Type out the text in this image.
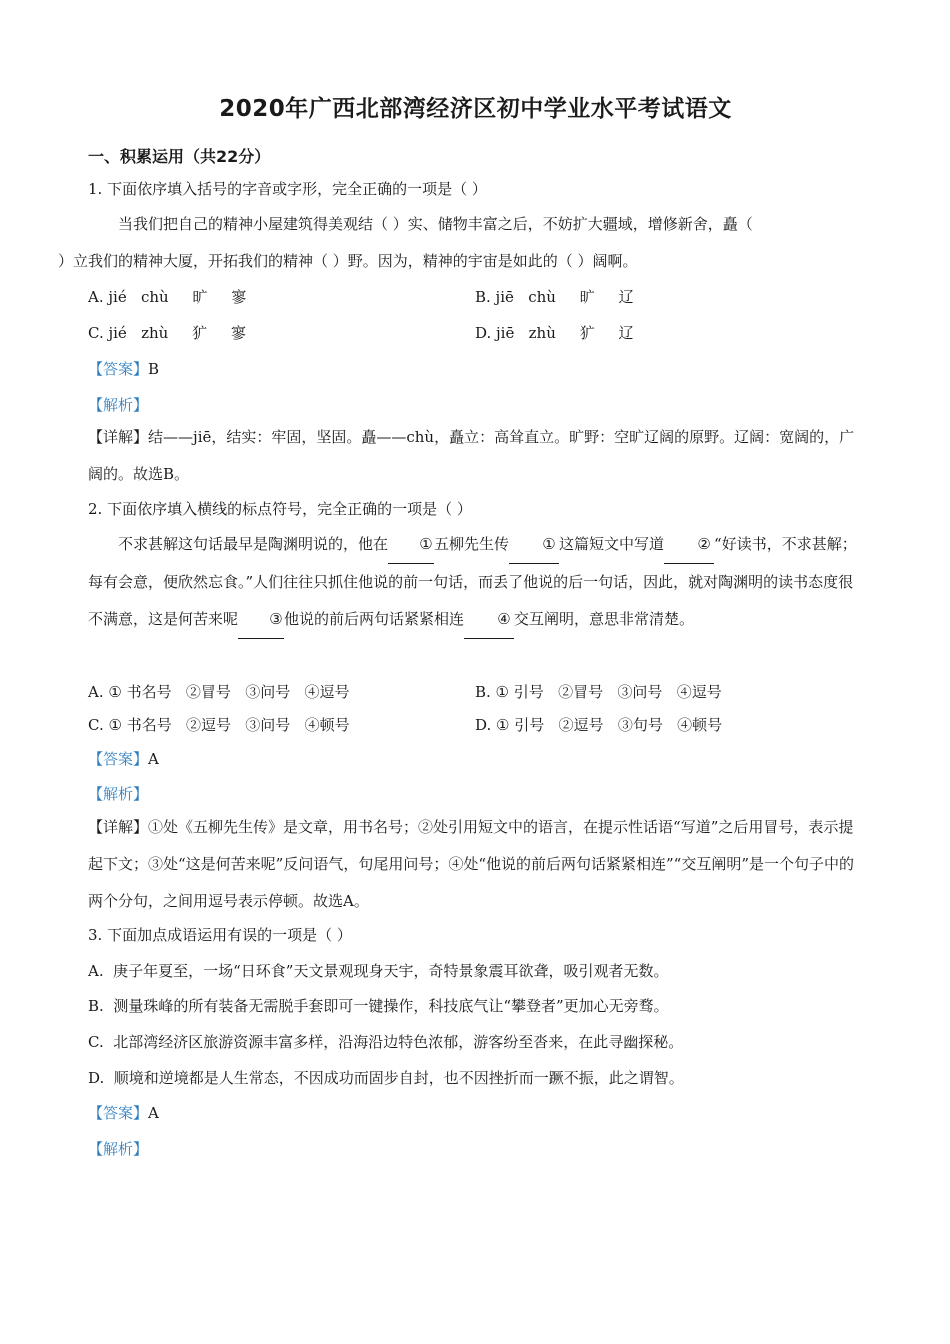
2020年广西北部湾经济区初中学业水平考试语文
一、积累运用（共22分）
1. 下面依序填入括号的字音或字形，完全正确的一项是（ ）
当我们把自己的精神小屋建筑得美观结（ ）实、储物丰富之后，不妨扩大疆域，增修新舍，矗（
）立我们的精神大厦，开拓我们的精神（ ）野。因为，精神的宇宙是如此的（ ）阔啊。
A. jié   chù     旷     寥	B. jiē   chù     旷     辽
C. jié   zhù     犷     寥	D. jiē   zhù     犷     辽
【答案】B
【解析】
【详解】结——jiē，结实：牢固，坚固。矗——chù，矗立：高耸直立。旷野：空旷辽阔的原野。辽阔：宽阔的，广阔的。故选B。
2. 下面依序填入横线的标点符号，完全正确的一项是（ ）
不求甚解这句话最早是陶渊明说的，他在 ①五柳先生传 ① 这篇短文中写道 ② “好读书，不求甚解；每有会意，便欣然忘食。”人们往往只抓住他说的前一句话，而丢了他说的后一句话，因此，就对陶渊明的读书态度很不满意，这是何苦来呢 ③他说的前后两句话紧紧相连 ④ 交互阐明，意思非常清楚。
A. ① 书名号   ②冒号   ③问号   ④逗号	B. ① 引号   ②冒号   ③问号   ④逗号
C. ① 书名号   ②逗号   ③问号   ④顿号	D. ① 引号   ②逗号   ③句号   ④顿号
【答案】A
【解析】
【详解】①处《五柳先生传》是文章，用书名号；②处引用短文中的语言，在提示性话语“写道”之后用冒号，表示提起下文；③处“这是何苦来呢”反问语气，句尾用问号；④处“他说的前后两句话紧紧相连”“交互阐明”是一个句子中的两个分句，之间用逗号表示停顿。故选A。
3. 下面加点成语运用有误的一项是（ ）
A.  庚子年夏至，一场“日环食”天文景观现身天宇，奇特景象震耳欲聋，吸引观者无数。
B.  测量珠峰的所有装备无需脱手套即可一键操作，科技底气让“攀登者”更加心无旁骛。
C.  北部湾经济区旅游资源丰富多样，沿海沿边特色浓郁，游客纷至沓来，在此寻幽探秘。
D.  顺境和逆境都是人生常态，不因成功而固步自封，也不因挫折而一蹶不振，此之谓智。
【答案】A
【解析】
